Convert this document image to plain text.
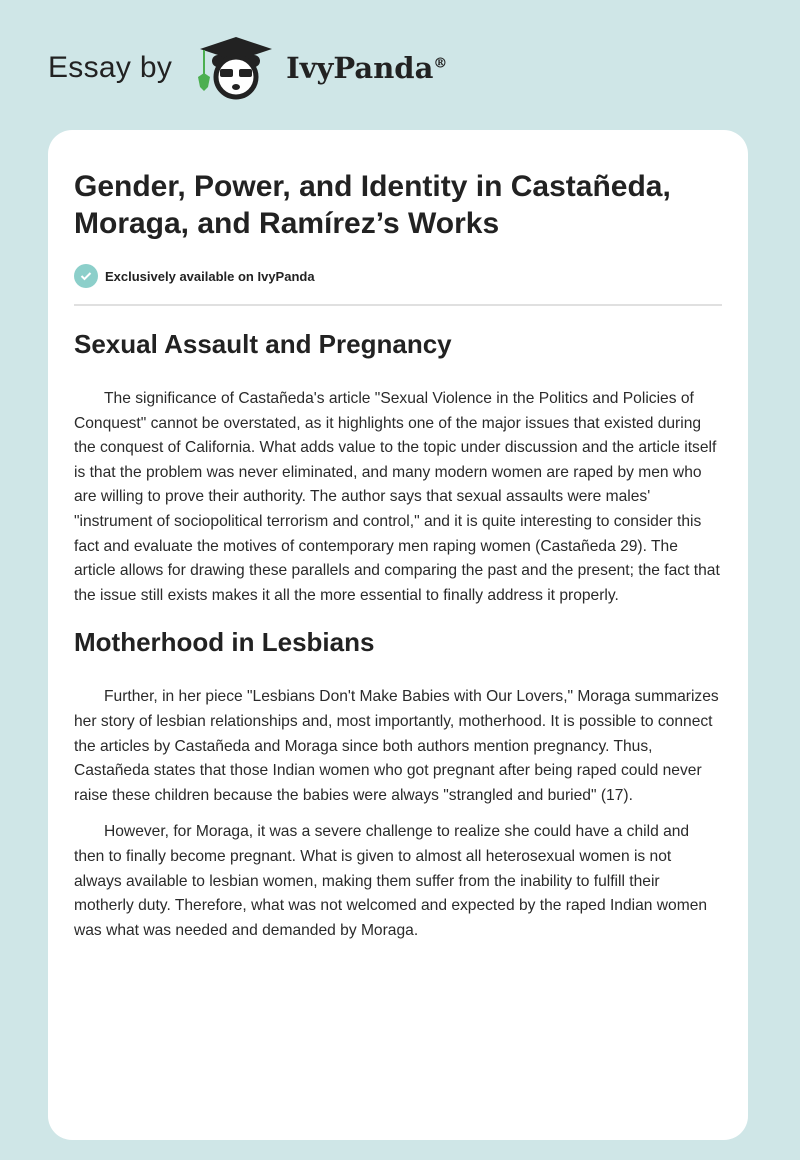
Essay by	IvyPanda®
Gender, Power, and Identity in Castañeda, Moraga, and Ramírez’s Works
Exclusively available on IvyPanda
Sexual Assault and Pregnancy

The significance of Castañeda's article "Sexual Violence in the Politics and Policies of Conquest" cannot be overstated, as it highlights one of the major issues that existed during the conquest of California. What adds value to the topic under discussion and the article itself is that the problem was never eliminated, and many modern women are raped by men who are willing to prove their authority. The author says that sexual assaults were males' "instrument of sociopolitical terrorism and control," and it is quite interesting to consider this fact and evaluate the motives of contemporary men raping women (Castañeda 29). The article allows for drawing these parallels and comparing the past and the present; the fact that the issue still exists makes it all the more essential to finally address it properly.

Motherhood in Lesbians

Further, in her piece "Lesbians Don't Make Babies with Our Lovers," Moraga summarizes her story of lesbian relationships and, most importantly, motherhood. It is possible to connect the articles by Castañeda and Moraga since both authors mention pregnancy. Thus, Castañeda states that those Indian women who got pregnant after being raped could never raise these children because the babies were always "strangled and buried" (17).

However, for Moraga, it was a severe challenge to realize she could have a child and then to finally become pregnant. What is given to almost all heterosexual women is not always available to lesbian women, making them suffer from the inability to fulfill their motherly duty. Therefore, what was not welcomed and expected by the raped Indian women was what was needed and demanded by Moraga.
